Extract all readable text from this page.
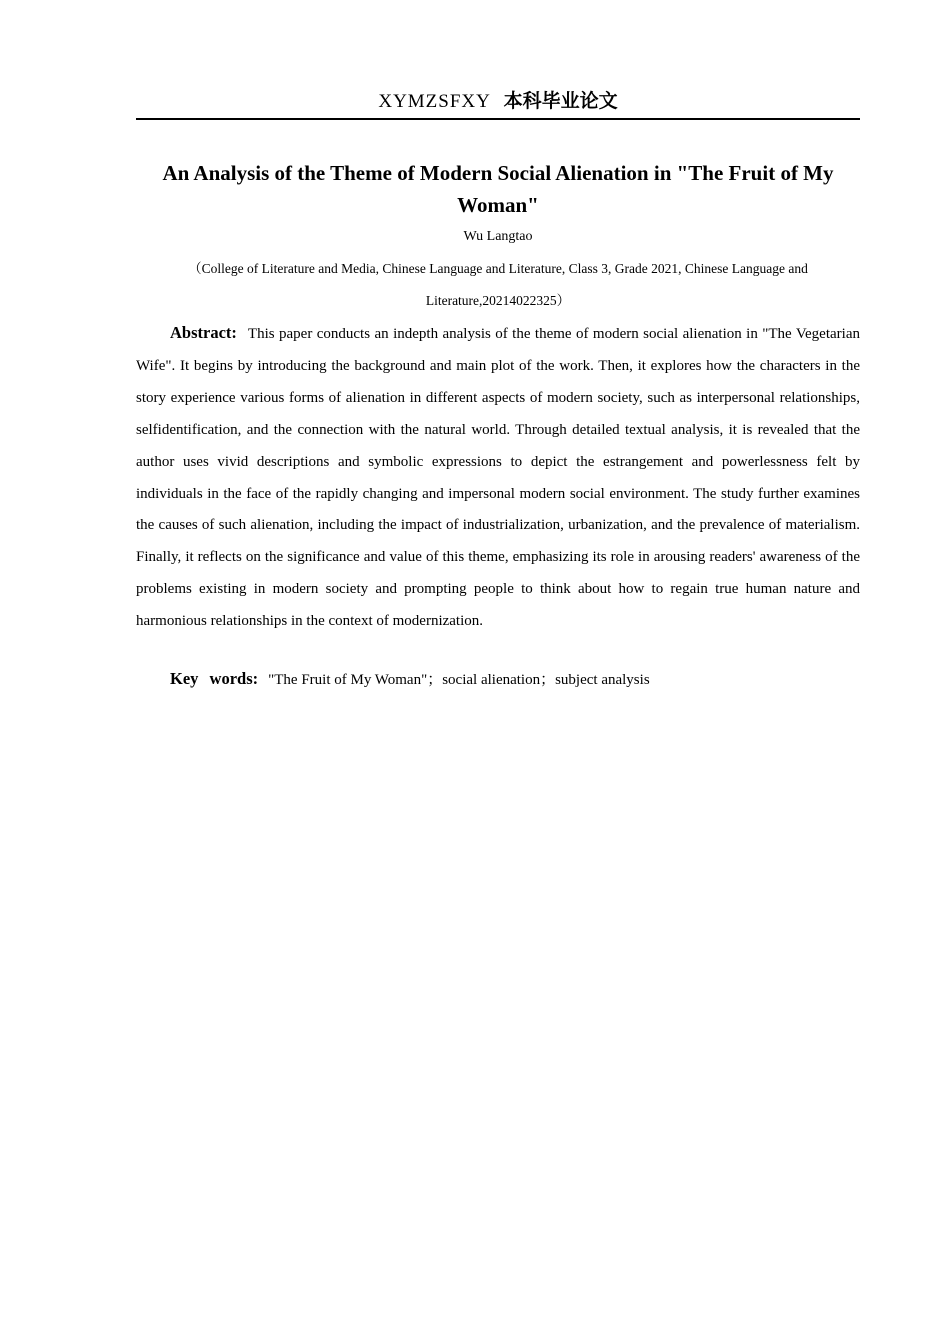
XYMZSFXY 本科毕业论文
An Analysis of the Theme of Modern Social Alienation in "The Fruit of My Woman"
Wu Langtao
（College of Literature and Media, Chinese Language and Literature, Class 3, Grade 2021, Chinese Language and Literature,20214022325）

Abstract: This paper conducts an indepth analysis of the theme of modern social alienation in "The Vegetarian Wife". It begins by introducing the background and main plot of the work. Then, it explores how the characters in the story experience various forms of alienation in different aspects of modern society, such as interpersonal relationships, selfidentification, and the connection with the natural world. Through detailed textual analysis, it is revealed that the author uses vivid descriptions and symbolic expressions to depict the estrangement and powerlessness felt by individuals in the face of the rapidly changing and impersonal modern social environment. The study further examines the causes of such alienation, including the impact of industrialization, urbanization, and the prevalence of materialism. Finally, it reflects on the significance and value of this theme, emphasizing its role in arousing readers' awareness of the problems existing in modern society and prompting people to think about how to regain true human nature and harmonious relationships in the context of modernization.

Key words: "The Fruit of My Woman"；social alienation；subject analysis
